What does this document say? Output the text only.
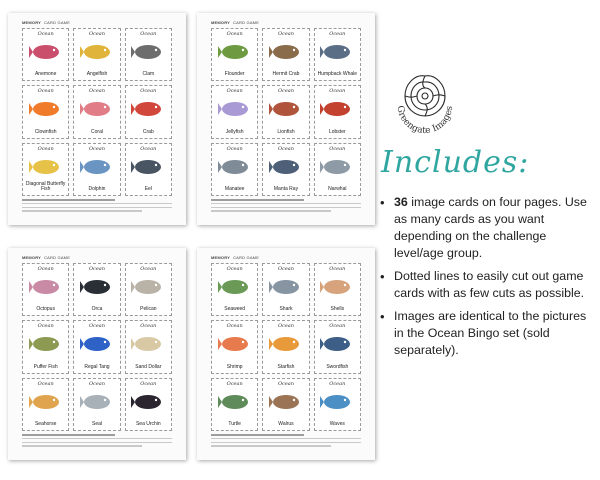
MEMORY CARD GAME
Ocean
Anemone
Ocean
Angelfish
Ocean
Clam
Ocean
Clownfish
Ocean
Coral
Ocean
Crab
Ocean
Diagonal Butterfly Fish
Ocean
Dolphin
Ocean
Eel
MEMORY CARD GAME
Ocean
Flounder
Ocean
Hermit Crab
Ocean
Humpback Whale
Ocean
Jellyfish
Ocean
Lionfish
Ocean
Lobster
Ocean
Manatee
Ocean
Manta Ray
Ocean
Narwhal
MEMORY CARD GAME
Ocean
Octopus
Ocean
Orca
Ocean
Pelican
Ocean
Puffer Fish
Ocean
Regal Tang
Ocean
Sand Dollar
Ocean
Seahorse
Ocean
Seal
Ocean
Sea Urchin
MEMORY CARD GAME
Ocean
Seaweed
Ocean
Shark
Ocean
Shells
Ocean
Shrimp
Ocean
Starfish
Ocean
Swordfish
Ocean
Turtle
Ocean
Walrus
Ocean
Waves
Greengate Images
Includes:
• 36 image cards on four pages. Use as many cards as you want depending on the challenge level/age group.
• Dotted lines to easily cut out game cards with as few cuts as possible.
• Images are identical to the pictures in the Ocean Bingo set (sold separately).
